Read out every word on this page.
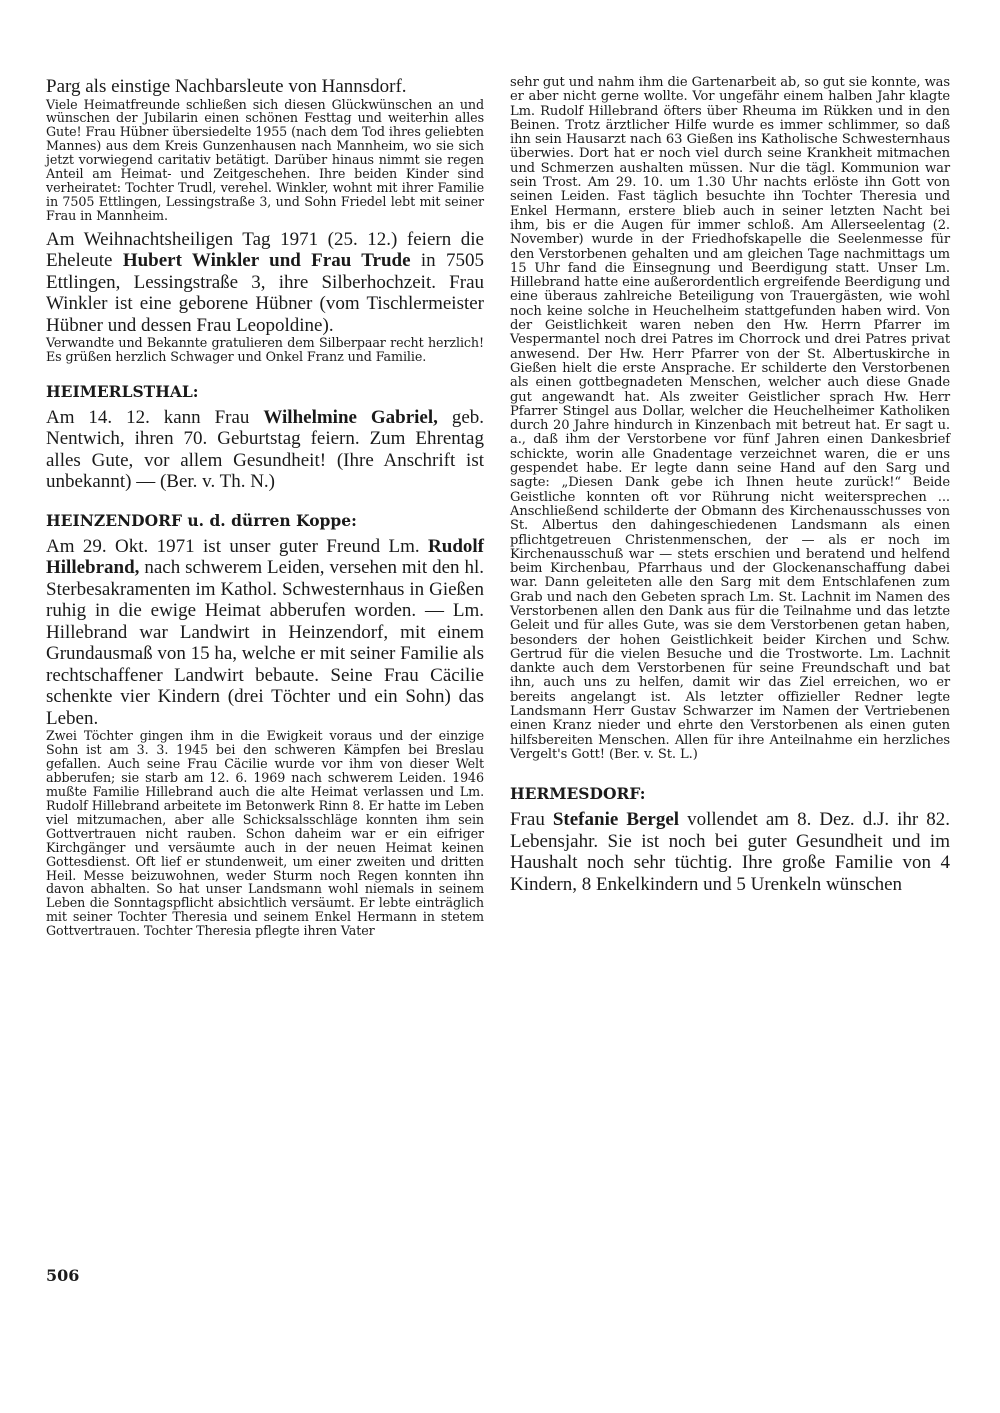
Parg als einstige Nachbarsleute von Hannsdorf.

Viele Heimatfreunde schließen sich diesen Glückwünschen an und wünschen der Jubilarin einen schönen Festtag und weiterhin alles Gute! Frau Hübner übersiedelte 1955 (nach dem Tod ihres geliebten Mannes) aus dem Kreis Gunzenhausen nach Mannheim, wo sie sich jetzt vorwiegend caritativ betätigt. Darüber hinaus nimmt sie regen Anteil am Heimat- und Zeitgeschehen. Ihre beiden Kinder sind verheiratet: Tochter Trudl, verehel. Winkler, wohnt mit ihrer Familie in 7505 Ettlingen, Lessingstraße 3, und Sohn Friedel lebt mit seiner Frau in Mannheim.

Am Weihnachtsheiligen Tag 1971 (25. 12.) feiern die Eheleute Hubert Winkler und Frau Trude in 7505 Ettlingen, Lessingstraße 3, ihre Silberhochzeit. Frau Winkler ist eine geborene Hübner (vom Tischlermeister Hübner und dessen Frau Leopoldine).

Verwandte und Bekannte gratulieren dem Silberpaar recht herzlich! Es grüßen herzlich Schwager und Onkel Franz und Familie.

HEIMERLSTHAL:

Am 14. 12. kann Frau Wilhelmine Gabriel, geb. Nentwich, ihren 70. Geburtstag feiern. Zum Ehrentag alles Gute, vor allem Gesundheit! (Ihre Anschrift ist unbekannt) — (Ber. v. Th. N.)

HEINZENDORF u. d. dürren Koppe:

Am 29. Okt. 1971 ist unser guter Freund Lm. Rudolf Hillebrand, nach schwerem Leiden, versehen mit den hl. Sterbesakramenten im Kathol. Schwesternhaus in Gießen ruhig in die ewige Heimat abberufen worden. — Lm. Hillebrand war Landwirt in Heinzendorf, mit einem Grundausmaß von 15 ha, welche er mit seiner Familie als rechtschaffener Landwirt bebaute. Seine Frau Cäcilie schenkte vier Kindern (drei Töchter und ein Sohn) das Leben.

Zwei Töchter gingen ihm in die Ewigkeit voraus und der einzige Sohn ist am 3. 3. 1945 bei den schweren Kämpfen bei Breslau gefallen. Auch seine Frau Cäcilie wurde vor ihm von dieser Welt abberufen; sie starb am 12. 6. 1969 nach schwerem Leiden. 1946 mußte Familie Hillebrand auch die alte Heimat verlassen und Lm. Rudolf Hillebrand arbeitete im Betonwerk Rinn 8. Er hatte im Leben viel mitzumachen, aber alle Schicksalsschläge konnten ihm sein Gottvertrauen nicht rauben. Schon daheim war er ein eifriger Kirchgänger und versäumte auch in der neuen Heimat keinen Gottesdienst. Oft lief er stundenweit, um einer zweiten und dritten Heil. Messe beizuwohnen, weder Sturm noch Regen konnten ihn davon abhalten. So hat unser Landsmann wohl niemals in seinem Leben die Sonntagspflicht absichtlich versäumt. Er lebte einträglich mit seiner Tochter Theresia und seinem Enkel Hermann in stetem Gottvertrauen. Tochter Theresia pflegte ihren Vater

sehr gut und nahm ihm die Gartenarbeit ab, so gut sie konnte, was er aber nicht gerne wollte. Vor ungefähr einem halben Jahr klagte Lm. Rudolf Hillebrand öfters über Rheuma im Rükken und in den Beinen. Trotz ärztlicher Hilfe wurde es immer schlimmer, so daß ihn sein Hausarzt nach 63 Gießen ins Katholische Schwesternhaus überwies. Dort hat er noch viel durch seine Krankheit mitmachen und Schmerzen aushalten müssen. Nur die tägl. Kommunion war sein Trost. Am 29. 10. um 1.30 Uhr nachts erlöste ihn Gott von seinen Leiden. Fast täglich besuchte ihn Tochter Theresia und Enkel Hermann, erstere blieb auch in seiner letzten Nacht bei ihm, bis er die Augen für immer schloß. Am Allerseelentag (2. November) wurde in der Friedhofskapelle die Seelenmesse für den Verstorbenen gehalten und am gleichen Tage nachmittags um 15 Uhr fand die Einsegnung und Beerdigung statt. Unser Lm. Hillebrand hatte eine außerordentlich ergreifende Beerdigung und eine überaus zahlreiche Beteiligung von Trauergästen, wie wohl noch keine solche in Heuchelheim stattgefunden haben wird. Von der Geistlichkeit waren neben den Hw. Herrn Pfarrer im Vespermantel noch drei Patres im Chorrock und drei Patres privat anwesend. Der Hw. Herr Pfarrer von der St. Albertuskirche in Gießen hielt die erste Ansprache. Er schilderte den Verstorbenen als einen gottbegnadeten Menschen, welcher auch diese Gnade gut angewandt hat. Als zweiter Geistlicher sprach Hw. Herr Pfarrer Stingel aus Dollar, welcher die Heuchelheimer Katholiken durch 20 Jahre hindurch in Kinzenbach mit betreut hat. Er sagt u. a., daß ihm der Verstorbene vor fünf Jahren einen Dankesbrief schickte, worin alle Gnadentage verzeichnet waren, die er uns gespendet habe. Er legte dann seine Hand auf den Sarg und sagte: „Diesen Dank gebe ich Ihnen heute zurück!“ Beide Geistliche konnten oft vor Rührung nicht weitersprechen ... Anschließend schilderte der Obmann des Kirchenausschusses von St. Albertus den dahingeschiedenen Landsmann als einen pflichtgetreuen Christenmenschen, der — als er noch im Kirchenausschuß war — stets erschien und beratend und helfend beim Kirchenbau, Pfarrhaus und der Glockenanschaffung dabei war. Dann geleiteten alle den Sarg mit dem Entschlafenen zum Grab und nach den Gebeten sprach Lm. St. Lachnit im Namen des Verstorbenen allen den Dank aus für die Teilnahme und das letzte Geleit und für alles Gute, was sie dem Verstorbenen getan haben, besonders der hohen Geistlichkeit beider Kirchen und Schw. Gertrud für die vielen Besuche und die Trostworte. Lm. Lachnit dankte auch dem Verstorbenen für seine Freundschaft und bat ihn, auch uns zu helfen, damit wir das Ziel erreichen, wo er bereits angelangt ist. Als letzter offizieller Redner legte Landsmann Herr Gustav Schwarzer im Namen der Vertriebenen einen Kranz nieder und ehrte den Verstorbenen als einen guten hilfsbereiten Menschen. Allen für ihre Anteilnahme ein herzliches Vergelt's Gott! (Ber. v. St. L.)

HERMESDORF:

Frau Stefanie Bergel vollendet am 8. Dez. d.J. ihr 82. Lebensjahr. Sie ist noch bei guter Gesundheit und im Haushalt noch sehr tüchtig. Ihre große Familie von 4 Kindern, 8 Enkelkindern und 5 Urenkeln wünschen

506
